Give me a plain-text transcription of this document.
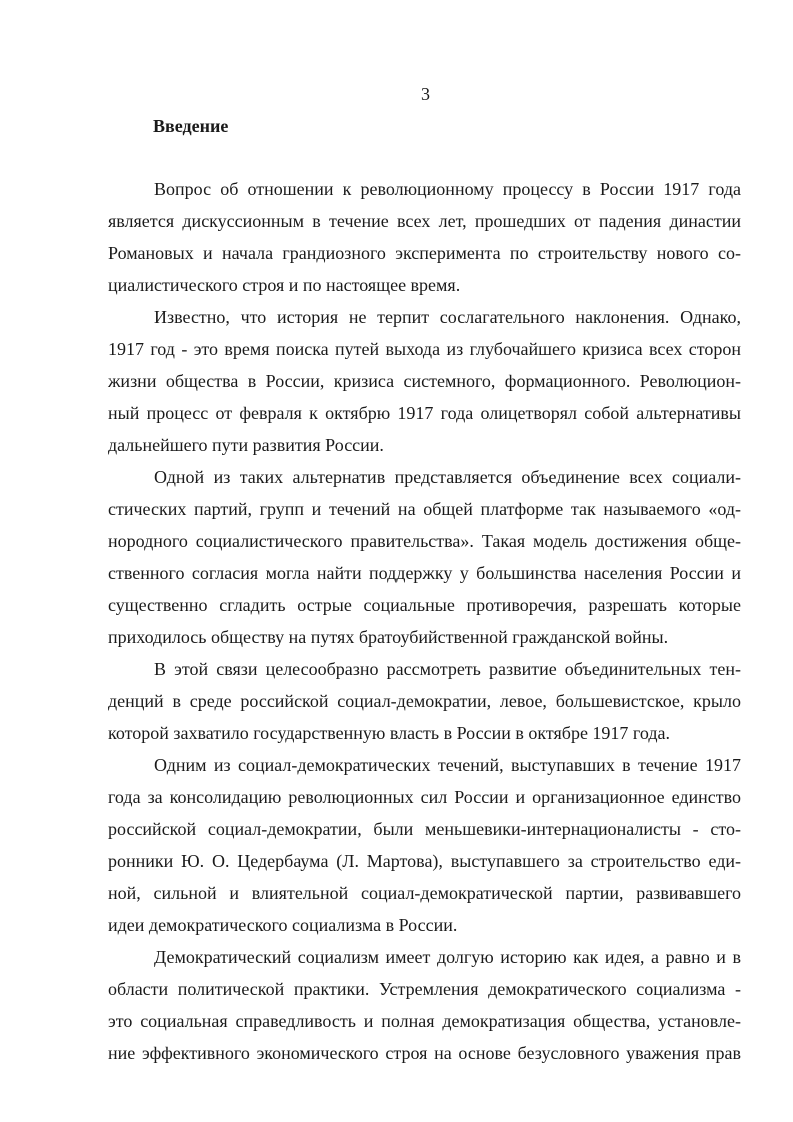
3
Введение
Вопрос об отношении к революционному процессу в России 1917 года
является дискуссионным в течение всех лет, прошедших от падения династии
Романовых и начала грандиозного эксперимента по строительству нового со-
циалистического строя и по настоящее время.
Известно, что история не терпит сослагательного наклонения. Однако,
1917 год - это время поиска путей выхода из глубочайшего кризиса всех сторон
жизни общества в России, кризиса системного, формационного. Революцион-
ный процесс от февраля к октябрю 1917 года олицетворял собой альтернативы
дальнейшего пути развития России.
Одной из таких альтернатив представляется объединение всех социали-
стических партий, групп и течений на общей платформе так называемого «од-
нородного социалистического правительства». Такая модель достижения обще-
ственного согласия могла найти поддержку у большинства населения России и
существенно сгладить острые социальные противоречия, разрешать которые
приходилось обществу на путях братоубийственной гражданской войны.
В этой связи целесообразно рассмотреть развитие объединительных тен-
денций в среде российской социал-демократии, левое, большевистское, крыло
которой захватило государственную власть в России в октябре 1917 года.
Одним из социал-демократических течений, выступавших в течение 1917
года за консолидацию революционных сил России и организационное единство
российской социал-демократии, были меньшевики-интернационалисты - сто-
ронники Ю. О. Цедербаума (Л. Мартова), выступавшего за строительство еди-
ной, сильной и влиятельной социал-демократической партии, развивавшего
идеи демократического социализма в России.
Демократический социализм имеет долгую историю как идея, а равно и в
области политической практики. Устремления демократического социализма -
это социальная справедливость и полная демократизация общества, установле-
ние эффективного экономического строя на основе безусловного уважения прав
